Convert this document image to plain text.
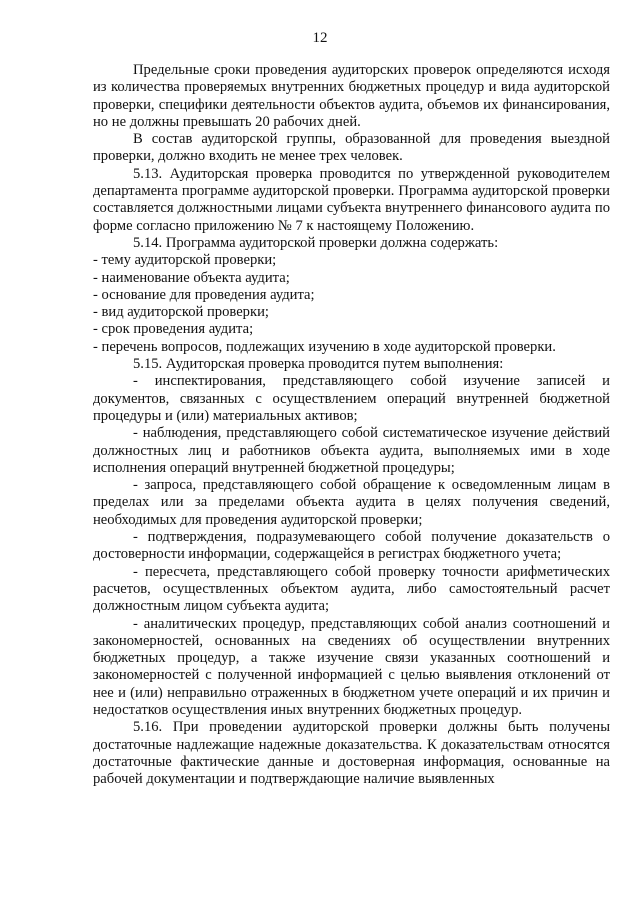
12

Предельные сроки проведения аудиторских проверок определяются исходя из количества проверяемых внутренних бюджетных процедур и вида аудиторской проверки, специфики деятельности объектов аудита, объемов их финансирования, но не должны превышать 20 рабочих дней.

В состав аудиторской группы, образованной для проведения выездной проверки, должно входить не менее трех человек.

5.13. Аудиторская проверка проводится по утвержденной руководителем департамента программе аудиторской проверки. Программа аудиторской проверки составляется должностными лицами субъекта внутреннего финансового аудита по форме согласно приложению № 7 к настоящему Положению.

5.14. Программа аудиторской проверки должна содержать:

- тему аудиторской проверки;

- наименование объекта аудита;

- основание для проведения аудита;

- вид аудиторской проверки;

- срок проведения аудита;

- перечень вопросов, подлежащих изучению в ходе аудиторской проверки.

5.15. Аудиторская проверка проводится путем выполнения:

- инспектирования, представляющего собой изучение записей и документов, связанных с осуществлением операций внутренней бюджетной процедуры и (или) материальных активов;

- наблюдения, представляющего собой систематическое изучение действий должностных лиц и работников объекта аудита, выполняемых ими в ходе исполнения операций внутренней бюджетной процедуры;

- запроса, представляющего собой обращение к осведомленным лицам в пределах или за пределами объекта аудита в целях получения сведений, необходимых для проведения аудиторской проверки;

- подтверждения, подразумевающего собой получение доказательств о достоверности информации, содержащейся в регистрах бюджетного учета;

- пересчета, представляющего собой проверку точности арифметических расчетов, осуществленных объектом аудита, либо самостоятельный расчет должностным лицом субъекта аудита;

- аналитических процедур, представляющих собой анализ соотношений и закономерностей, основанных на сведениях об осуществлении внутренних бюджетных процедур, а также изучение связи указанных соотношений и закономерностей с полученной информацией с целью выявления отклонений от нее и (или) неправильно отраженных в бюджетном учете операций и их причин и недостатков осуществления иных внутренних бюджетных процедур.

5.16. При проведении аудиторской проверки должны быть получены достаточные надлежащие надежные доказательства. К доказательствам относятся достаточные фактические данные и достоверная информация, основанные на рабочей документации и подтверждающие наличие выявленных
